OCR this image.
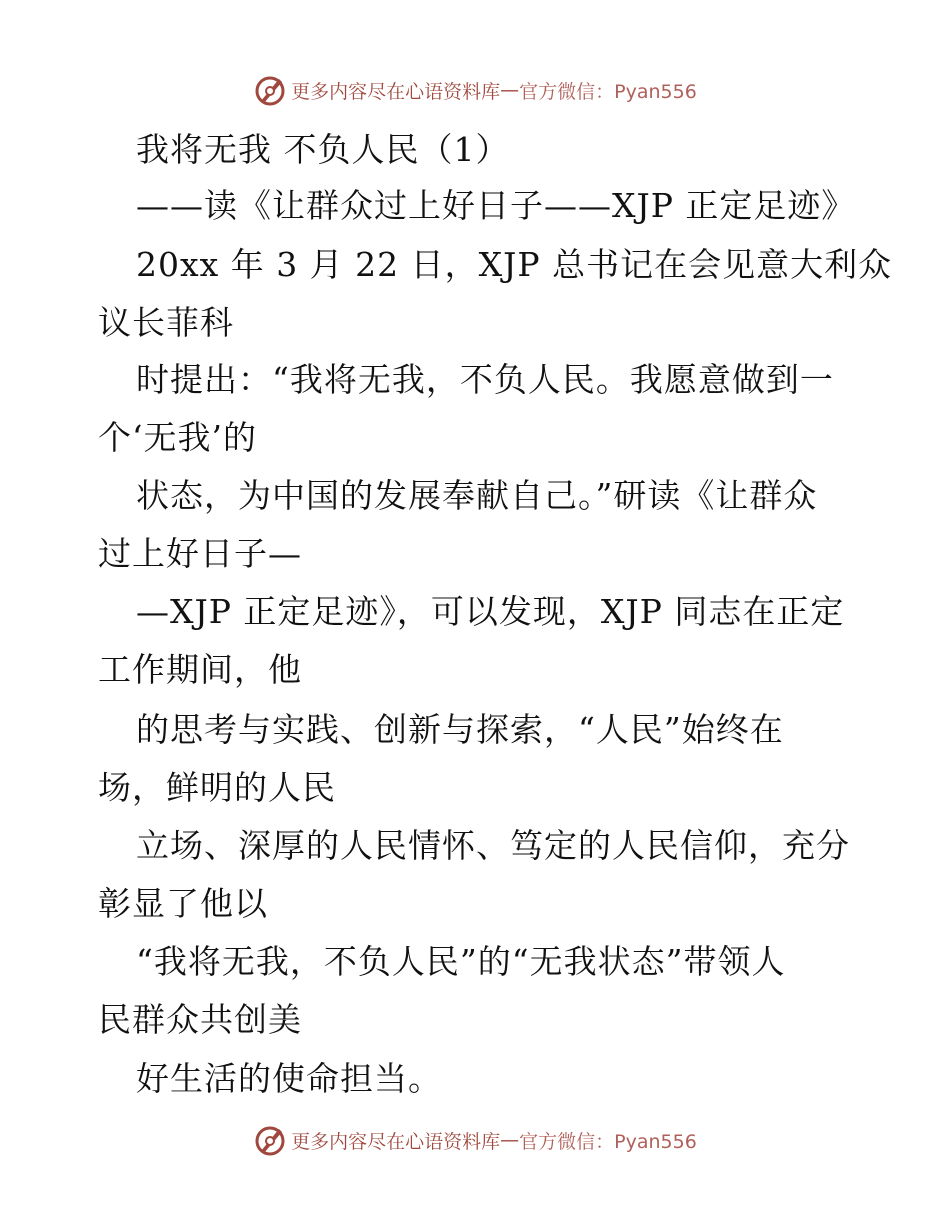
更多内容尽在心语资料库 — 官方微信：Pyan556
我将无我 不负人民（1）
——读《让群众过上好日子——XJP 正定足迹》
20xx 年 3 月 22 日，XJP 总书记在会见意大利众
议长菲科
时提出：“我将无我，不负人民。我愿意做到一
个‘无我’的
状态，为中国的发展奉献自己。”研读《让群众
过上好日子—
—XJP 正定足迹》，可以发现，XJP 同志在正定
工作期间，他
的思考与实践、创新与探索，“人民”始终在
场，鲜明的人民
立场、深厚的人民情怀、笃定的人民信仰，充分
彰显了他以
“我将无我，不负人民”的“无我状态”带领人
民群众共创美
好生活的使命担当。
更多内容尽在心语资料库 — 官方微信：Pyan556
